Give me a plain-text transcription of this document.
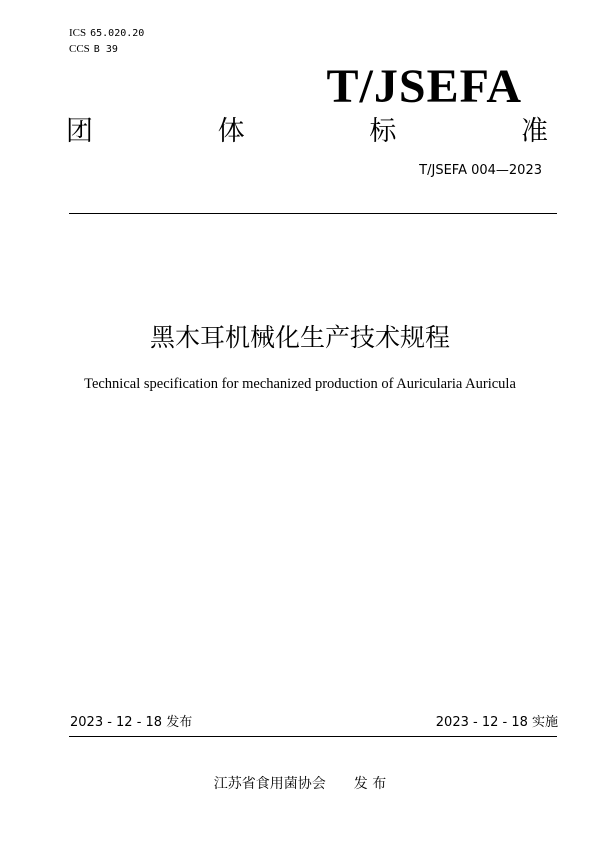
ICS 65.020.20
CCS B 39
T/JSEFA
团	体	标	准
T/JSEFA 004—2023
黑木耳机械化生产技术规程
Technical specification for mechanized production of Auricularia Auricula
2023 - 12 - 18 发布	2023 - 12 - 18 实施
江苏省食用菌协会 发 布
